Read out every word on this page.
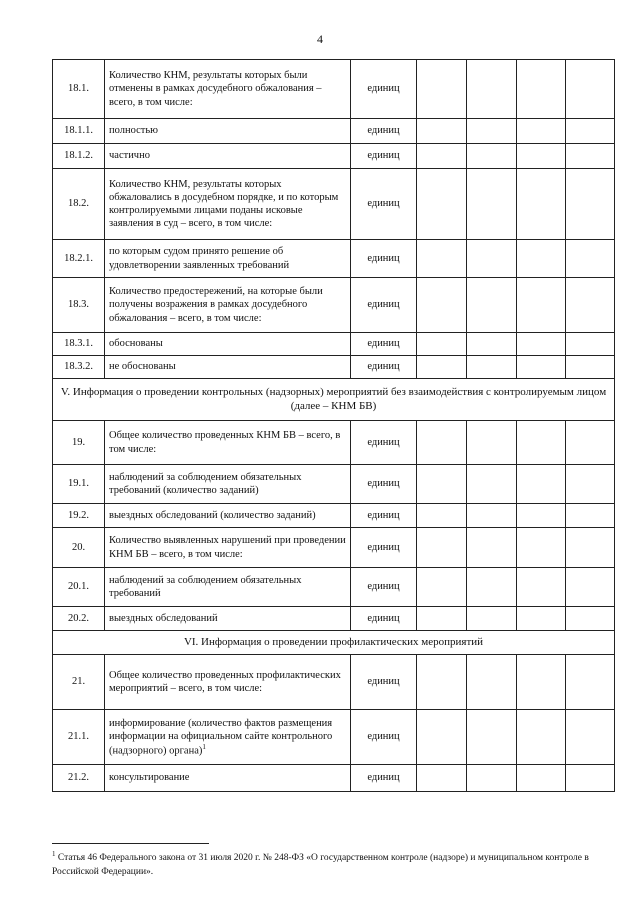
4
18.1.	Количество КНМ, результаты которых были отменены в рамках досудебного обжалования – всего, в том числе:	единиц				
18.1.1.	полностью	единиц				
18.1.2.	частично	единиц				
18.2.	Количество КНМ, результаты которых обжаловались в досудебном порядке, и по которым контролируемыми лицами поданы исковые заявления в суд – всего, в том числе:	единиц				
18.2.1.	по которым судом принято решение об удовлетворении заявленных требований	единиц				
18.3.	Количество предостережений, на которые были получены возражения в рамках досудебного обжалования – всего, в том числе:	единиц				
18.3.1.	обоснованы	единиц				
18.3.2.	не обоснованы	единиц				
V. Информация о проведении контрольных (надзорных) мероприятий без взаимодействия с контролируемым лицом (далее – КНМ БВ)						
19.	Общее количество проведенных КНМ БВ – всего, в том числе:	единиц				
19.1.	наблюдений за соблюдением обязательных требований (количество заданий)	единиц				
19.2.	выездных обследований (количество заданий)	единиц				
20.	Количество выявленных нарушений при проведении КНМ БВ – всего, в том числе:	единиц				
20.1.	наблюдений за соблюдением обязательных требований	единиц				
20.2.	выездных обследований	единиц				
VI. Информация о проведении профилактических мероприятий						
21.	Общее количество проведенных профилактических мероприятий – всего, в том числе:	единиц				
21.1.	информирование (количество фактов размещения информации на официальном сайте контрольного (надзорного) органа)$^1$	единиц				
21.2.	консультирование	единиц				
$^1$ Статья 46 Федерального закона от 31 июля 2020 г. № 248-ФЗ «О государственном контроле (надзоре) и муниципальном контроле в Российской Федерации».
